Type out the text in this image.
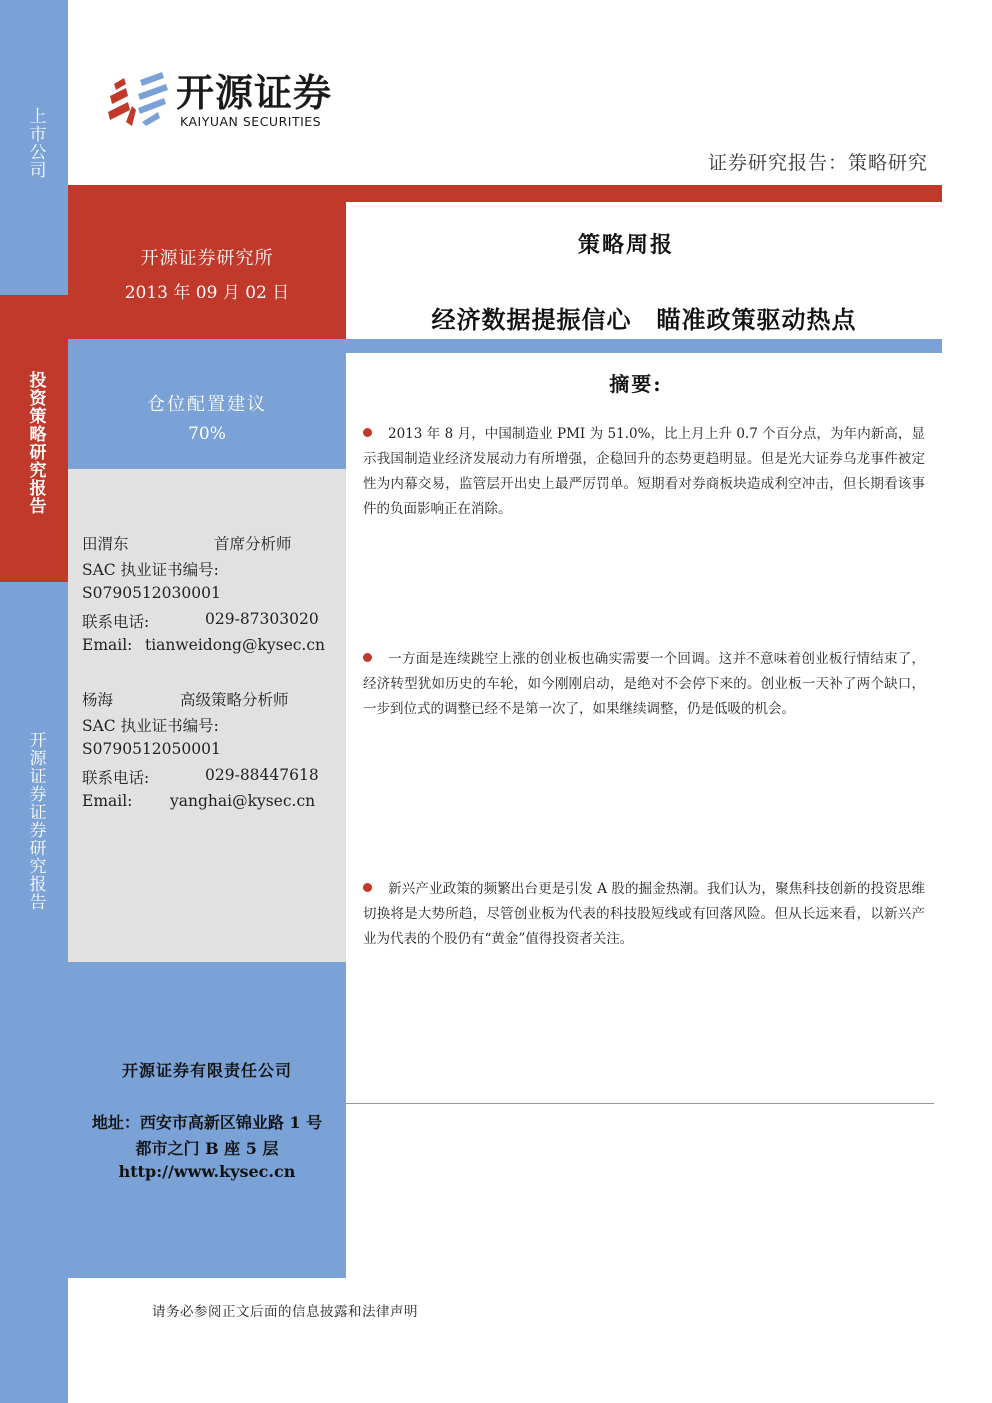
上市公司
投资策略研究报告
开源证券 证券研究报告
开源证券
KAIYUAN SECURITIES
证券研究报告：策略研究
开源证券研究所
2013 年 09 月 02 日
策略周报
经济数据提振信心　瞄准政策驱动热点
仓位配置建议
70%
田渭东	首席分析师
SAC 执业证书编号:
S0790512030001
联系电话:	029-87303020
Email: tianweidong@kysec.cn
杨海	高级策略分析师
SAC 执业证书编号:
S0790512050001
联系电话:	029-88447618
Email: yanghai@kysec.cn
开源证券有限责任公司
地址：西安市高新区锦业路 1 号
都市之门 B 座 5 层
http://www.kysec.cn
摘要:
2013 年 8 月，中国制造业 PMI 为 51.0%，比上月上升 0.7 个百分点，为年内新高，显示我国制造业经济发展动力有所增强，企稳回升的态势更趋明显。但是光大证券乌龙事件被定性为内幕交易，监管层开出史上最严厉罚单。短期看对券商板块造成利空冲击，但长期看该事件的负面影响正在消除。
一方面是连续跳空上涨的创业板也确实需要一个回调。这并不意味着创业板行情结束了，经济转型犹如历史的车轮，如今刚刚启动，是绝对不会停下来的。创业板一天补了两个缺口，一步到位式的调整已经不是第一次了，如果继续调整，仍是低吸的机会。
新兴产业政策的频繁出台更是引发 A 股的掘金热潮。我们认为，聚焦科技创新的投资思维切换将是大势所趋，尽管创业板为代表的科技股短线或有回落风险。但从长远来看，以新兴产业为代表的个股仍有“黄金”值得投资者关注。
请务必参阅正文后面的信息披露和法律声明
